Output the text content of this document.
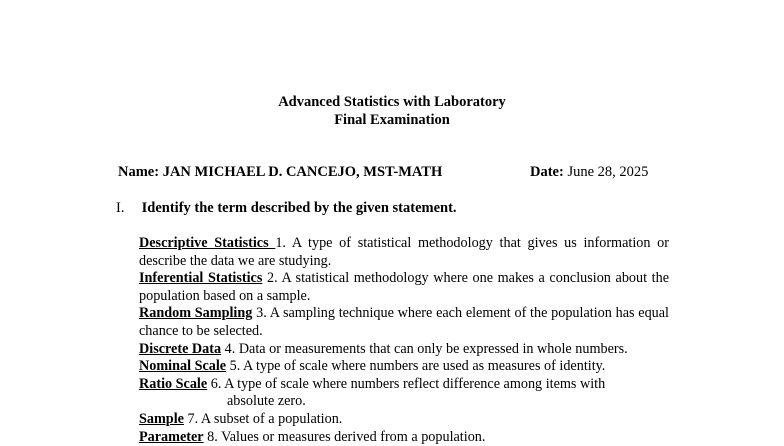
Advanced Statistics with Laboratory
Final Examination
Name: JAN MICHAEL D. CANCEJO, MST-MATH	Date: June 28, 2025
I. Identify the term described by the given statement.
Descriptive Statistics 1. A type of statistical methodology that gives us information or describe the data we are studying.
Inferential Statistics 2. A statistical methodology where one makes a conclusion about the population based on a sample.
Random Sampling 3. A sampling technique where each element of the population has equal chance to be selected.
Discrete Data 4. Data or measurements that can only be expressed in whole numbers.
Nominal Scale 5. A type of scale where numbers are used as measures of identity.
Ratio Scale 6. A type of scale where numbers reflect difference among items with
absolute zero.
Sample 7. A subset of a population.
Parameter 8. Values or measures derived from a population.
